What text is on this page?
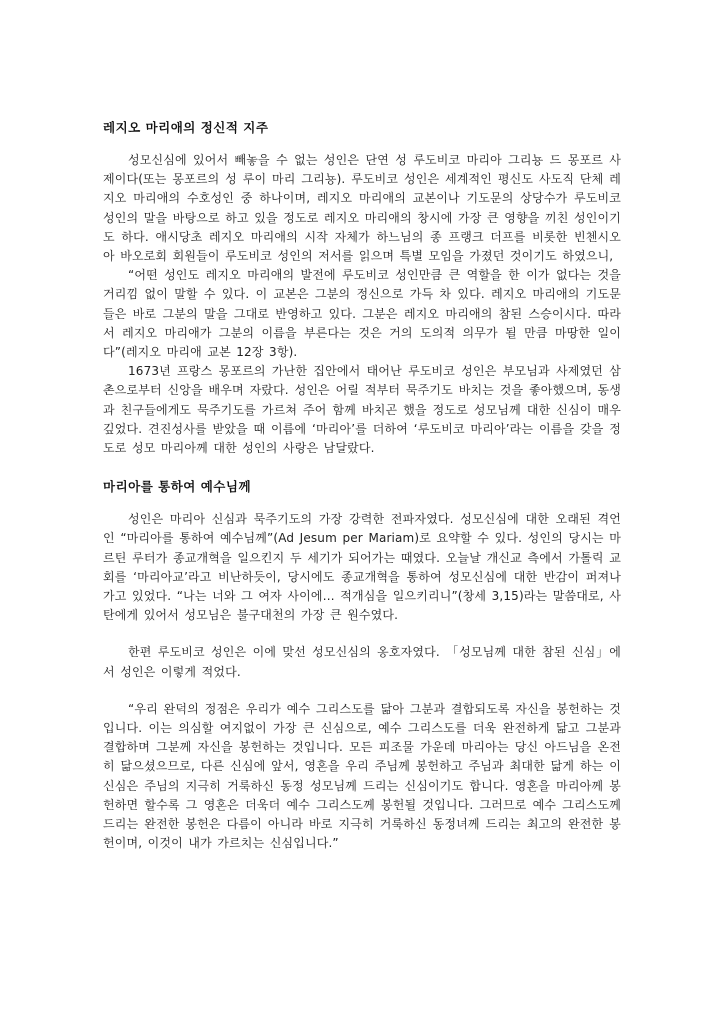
레지오 마리애의 정신적 지주

성모신심에 있어서 빼놓을 수 없는 성인은 단연 성 루도비코 마리아 그리뇽 드 몽포르 사제이다(또는 몽포르의 성 루이 마리 그리뇽). 루도비코 성인은 세계적인 평신도 사도직 단체 레지오 마리애의 수호성인 중 하나이며, 레지오 마리애의 교본이나 기도문의 상당수가 루도비코 성인의 말을 바탕으로 하고 있을 정도로 레지오 마리애의 창시에 가장 큰 영향을 끼친 성인이기도 하다. 애시당초 레지오 마리애의 시작 자체가 하느님의 종 프랭크 더프를 비롯한 빈첸시오 아 바오로회 회원들이 루도비코 성인의 저서를 읽으며 특별 모임을 가졌던 것이기도 하였으니,

“어떤 성인도 레지오 마리애의 발전에 루도비코 성인만큼 큰 역할을 한 이가 없다는 것을 거리낌 없이 말할 수 있다. 이 교본은 그분의 정신으로 가득 차 있다. 레지오 마리애의 기도문들은 바로 그분의 말을 그대로 반영하고 있다. 그분은 레지오 마리애의 참된 스승이시다. 따라서 레지오 마리애가 그분의 이름을 부른다는 것은 거의 도의적 의무가 될 만큼 마땅한 일이다”(레지오 마리애 교본 12장 3항).

1673년 프랑스 몽포르의 가난한 집안에서 태어난 루도비코 성인은 부모님과 사제였던 삼촌으로부터 신앙을 배우며 자랐다. 성인은 어릴 적부터 묵주기도 바치는 것을 좋아했으며, 동생과 친구들에게도 묵주기도를 가르쳐 주어 함께 바치곤 했을 정도로 성모님께 대한 신심이 매우 깊었다. 견진성사를 받았을 때 이름에 ‘마리아’를 더하여 ‘루도비코 마리아’라는 이름을 갖을 정도로 성모 마리아께 대한 성인의 사랑은 남달랐다.

마리아를 통하여 예수님께

성인은 마리아 신심과 묵주기도의 가장 강력한 전파자였다. 성모신심에 대한 오래된 격언인 “마리아를 통하여 예수님께”(Ad Jesum per Mariam)로 요약할 수 있다. 성인의 당시는 마르틴 루터가 종교개혁을 일으킨지 두 세기가 되어가는 때였다. 오늘날 개신교 측에서 가톨릭 교회를 ‘마리아교’라고 비난하듯이, 당시에도 종교개혁을 통하여 성모신심에 대한 반감이 퍼져나가고 있었다. “나는 너와 그 여자 사이에… 적개심을 일으키리니”(창세 3,15)라는 말씀대로, 사탄에게 있어서 성모님은 불구대천의 가장 큰 원수였다.

한편 루도비코 성인은 이에 맞선 성모신심의 옹호자였다. 「성모님께 대한 참된 신심」에서 성인은 이렇게 적었다.

“우리 완덕의 정점은 우리가 예수 그리스도를 닮아 그분과 결합되도록 자신을 봉헌하는 것입니다. 이는 의심할 여지없이 가장 큰 신심으로, 예수 그리스도를 더욱 완전하게 닮고 그분과 결합하며 그분께 자신을 봉헌하는 것입니다. 모든 피조물 가운데 마리아는 당신 아드님을 온전히 닮으셨으므로, 다른 신심에 앞서, 영혼을 우리 주님께 봉헌하고 주님과 최대한 닮게 하는 이 신심은 주님의 지극히 거룩하신 동정 성모님께 드리는 신심이기도 합니다. 영혼을 마리아께 봉헌하면 할수록 그 영혼은 더욱더 예수 그리스도께 봉헌될 것입니다. 그러므로 예수 그리스도께 드리는 완전한 봉헌은 다름이 아니라 바로 지극히 거룩하신 동정녀께 드리는 최고의 완전한 봉헌이며, 이것이 내가 가르치는 신심입니다.”
